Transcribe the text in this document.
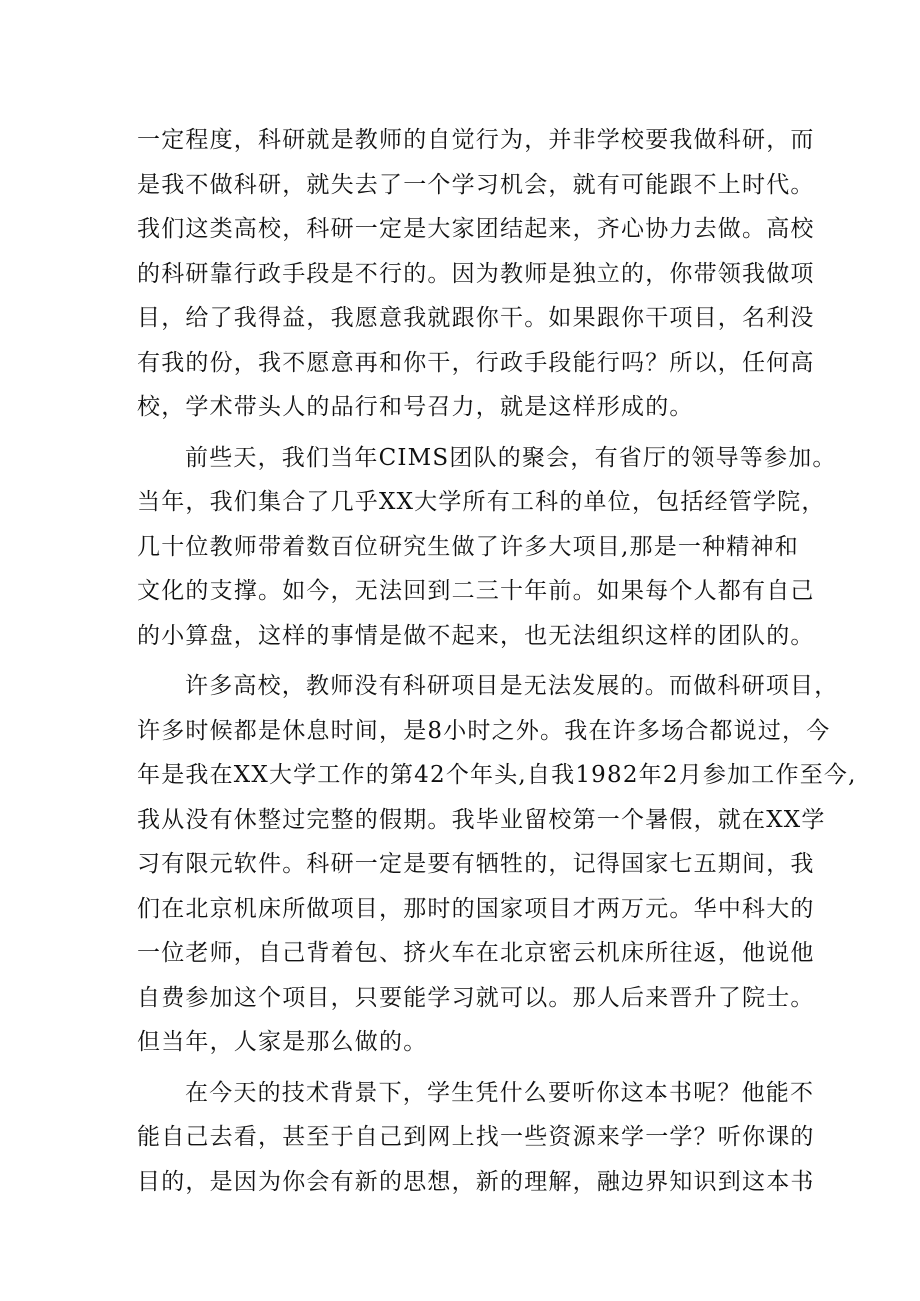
一定程度，科研就是教师的自觉行为，并非学校要我做科研，而
是我不做科研，就失去了一个学习机会，就有可能跟不上时代。
我们这类高校，科研一定是大家团结起来，齐心协力去做。高校
的科研靠行政手段是不行的。因为教师是独立的，你带领我做项
目，给了我得益，我愿意我就跟你干。如果跟你干项目，名利没
有我的份，我不愿意再和你干，行政手段能行吗？所以，任何高
校，学术带头人的品行和号召力，就是这样形成的。
前些天，我们当年CIMS团队的聚会，有省厅的领导等参加。
当年，我们集合了几乎XX大学所有工科的单位，包括经管学院，
几十位教师带着数百位研究生做了许多大项目,那是一种精神和
文化的支撑。如今，无法回到二三十年前。如果每个人都有自己
的小算盘，这样的事情是做不起来，也无法组织这样的团队的。
许多高校，教师没有科研项目是无法发展的。而做科研项目，
许多时候都是休息时间，是8小时之外。我在许多场合都说过，今
年是我在XX大学工作的第42个年头,自我1982年2月参加工作至今,
我从没有休整过完整的假期。我毕业留校第一个暑假，就在XX学
习有限元软件。科研一定是要有牺牲的，记得国家七五期间，我
们在北京机床所做项目，那时的国家项目才两万元。华中科大的
一位老师，自己背着包、挤火车在北京密云机床所往返，他说他
自费参加这个项目，只要能学习就可以。那人后来晋升了院士。
但当年，人家是那么做的。
在今天的技术背景下，学生凭什么要听你这本书呢？他能不
能自己去看，甚至于自己到网上找一些资源来学一学？听你课的
目的，是因为你会有新的思想，新的理解，融边界知识到这本书
